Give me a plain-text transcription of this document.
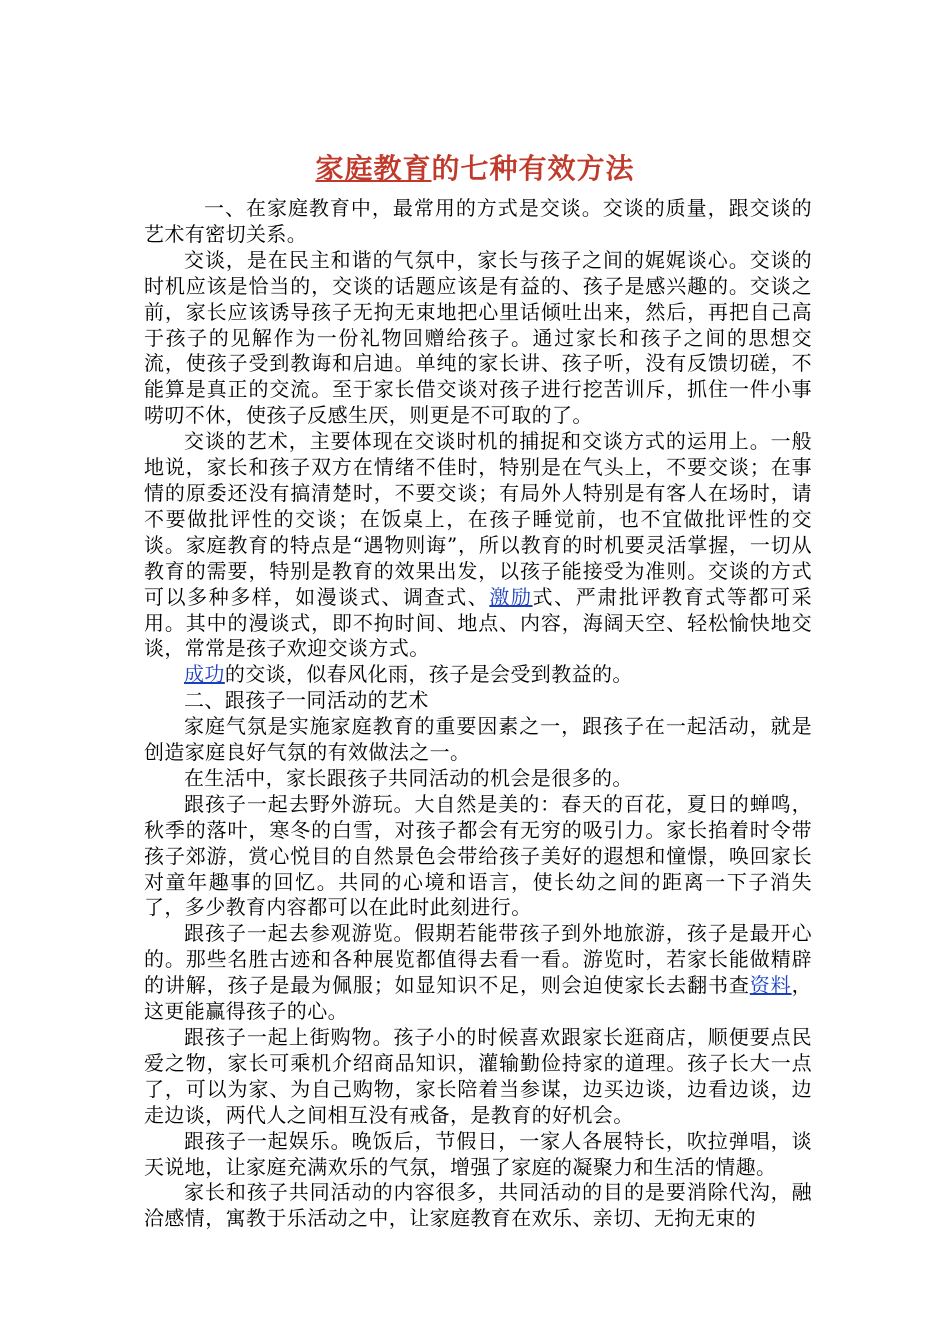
家庭教育的七种有效方法

一、在家庭教育中，最常用的方式是交谈。交谈的质量，跟交谈的艺术有密切关系。

交谈，是在民主和谐的气氛中，家长与孩子之间的娓娓谈心。交谈的时机应该是恰当的，交谈的话题应该是有益的、孩子是感兴趣的。交谈之前，家长应该诱导孩子无拘无束地把心里话倾吐出来，然后，再把自己高于孩子的见解作为一份礼物回赠给孩子。通过家长和孩子之间的思想交流，使孩子受到教诲和启迪。单纯的家长讲、孩子听，没有反馈切磋，不能算是真正的交流。至于家长借交谈对孩子进行挖苦训斥，抓住一件小事唠叨不休，使孩子反感生厌，则更是不可取的了。

交谈的艺术，主要体现在交谈时机的捕捉和交谈方式的运用上。一般地说，家长和孩子双方在情绪不佳时，特别是在气头上，不要交谈；在事情的原委还没有搞清楚时，不要交谈；有局外人特别是有客人在场时，请不要做批评性的交谈；在饭桌上，在孩子睡觉前，也不宜做批评性的交谈。家庭教育的特点是“遇物则诲”，所以教育的时机要灵活掌握，一切从教育的需要，特别是教育的效果出发，以孩子能接受为准则。交谈的方式可以多种多样，如漫谈式、调查式、激励式、严肃批评教育式等都可采用。其中的漫谈式，即不拘时间、地点、内容，海阔天空、轻松愉快地交谈，常常是孩子欢迎交谈方式。

成功的交谈，似春风化雨，孩子是会受到教益的。

二、跟孩子一同活动的艺术

家庭气氛是实施家庭教育的重要因素之一，跟孩子在一起活动，就是创造家庭良好气氛的有效做法之一。

在生活中，家长跟孩子共同活动的机会是很多的。

跟孩子一起去野外游玩。大自然是美的：春天的百花，夏日的蝉鸣，秋季的落叶，寒冬的白雪，对孩子都会有无穷的吸引力。家长掐着时令带孩子郊游，赏心悦目的自然景色会带给孩子美好的遐想和憧憬，唤回家长对童年趣事的回忆。共同的心境和语言，使长幼之间的距离一下子消失了，多少教育内容都可以在此时此刻进行。

跟孩子一起去参观游览。假期若能带孩子到外地旅游，孩子是最开心的。那些名胜古迹和各种展览都值得去看一看。游览时，若家长能做精辟的讲解，孩子是最为佩服；如显知识不足，则会迫使家长去翻书查资料，这更能赢得孩子的心。

跟孩子一起上街购物。孩子小的时候喜欢跟家长逛商店，顺便要点民爱之物，家长可乘机介绍商品知识，灌输勤俭持家的道理。孩子长大一点了，可以为家、为自己购物，家长陪着当参谋，边买边谈，边看边谈，边走边谈，两代人之间相互没有戒备，是教育的好机会。

跟孩子一起娱乐。晚饭后，节假日，一家人各展特长，吹拉弹唱，谈天说地，让家庭充满欢乐的气氛，增强了家庭的凝聚力和生活的情趣。

家长和孩子共同活动的内容很多，共同活动的目的是要消除代沟，融洽感情，寓教于乐活动之中，让家庭教育在欢乐、亲切、无拘无束的
